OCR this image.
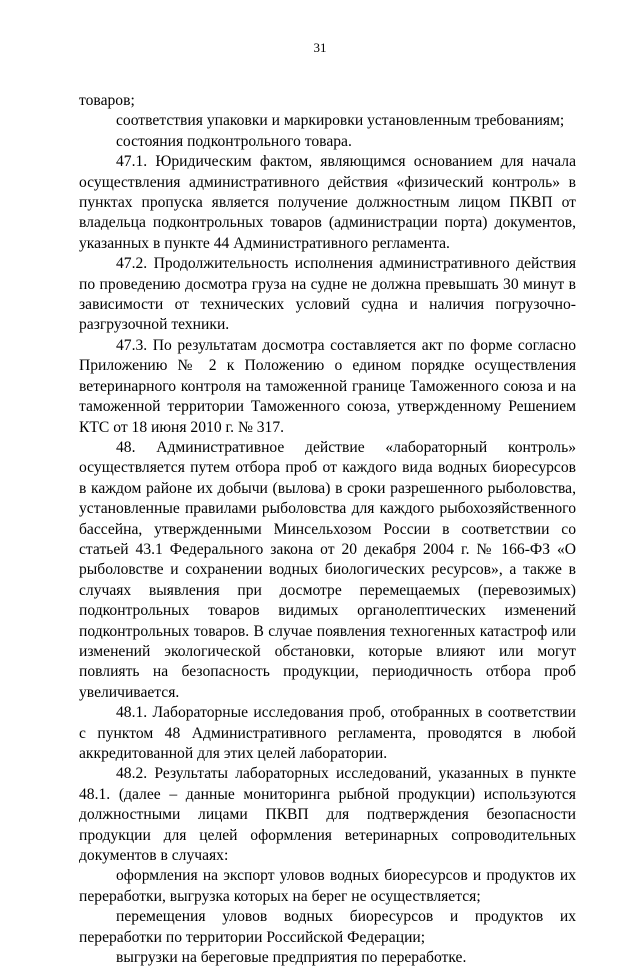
31

товаров;

соответствия упаковки и маркировки установленным требованиям;

состояния подконтрольного товара.

47.1. Юридическим фактом, являющимся основанием для начала осуществления административного действия «физический контроль» в пунктах пропуска является получение должностным лицом ПКВП от владельца подконтрольных товаров (администрации порта) документов, указанных в пункте 44 Административного регламента.

47.2. Продолжительность исполнения административного действия по проведению досмотра груза на судне не должна превышать 30 минут в зависимости от технических условий судна и наличия погрузочно-разгрузочной техники.

47.3. По результатам досмотра составляется акт по форме согласно Приложению № 2 к Положению о едином порядке осуществления ветеринарного контроля на таможенной границе Таможенного союза и на таможенной территории Таможенного союза, утвержденному Решением КТС от 18 июня 2010 г. № 317.

48. Административное действие «лабораторный контроль» осуществляется путем отбора проб от каждого вида водных биоресурсов в каждом районе их добычи (вылова) в сроки разрешенного рыболовства, установленные правилами рыболовства для каждого рыбохозяйственного бассейна, утвержденными Минсельхозом России в соответствии со статьей 43.1 Федерального закона от 20 декабря 2004 г. № 166-ФЗ «О рыболовстве и сохранении водных биологических ресурсов», а также в случаях выявления при досмотре перемещаемых (перевозимых) подконтрольных товаров видимых органолептических изменений подконтрольных товаров. В случае появления техногенных катастроф или изменений экологической обстановки, которые влияют или могут повлиять на безопасность продукции, периодичность отбора проб увеличивается.

48.1. Лабораторные исследования проб, отобранных в соответствии с пунктом 48 Административного регламента, проводятся в любой аккредитованной для этих целей лаборатории.

48.2. Результаты лабораторных исследований, указанных в пункте 48.1. (далее – данные мониторинга рыбной продукции) используются должностными лицами ПКВП для подтверждения безопасности продукции для целей оформления ветеринарных сопроводительных документов в случаях:

оформления на экспорт уловов водных биоресурсов и продуктов их переработки, выгрузка которых на берег не осуществляется;

перемещения уловов водных биоресурсов и продуктов их переработки по территории Российской Федерации;

выгрузки на береговые предприятия по переработке.
